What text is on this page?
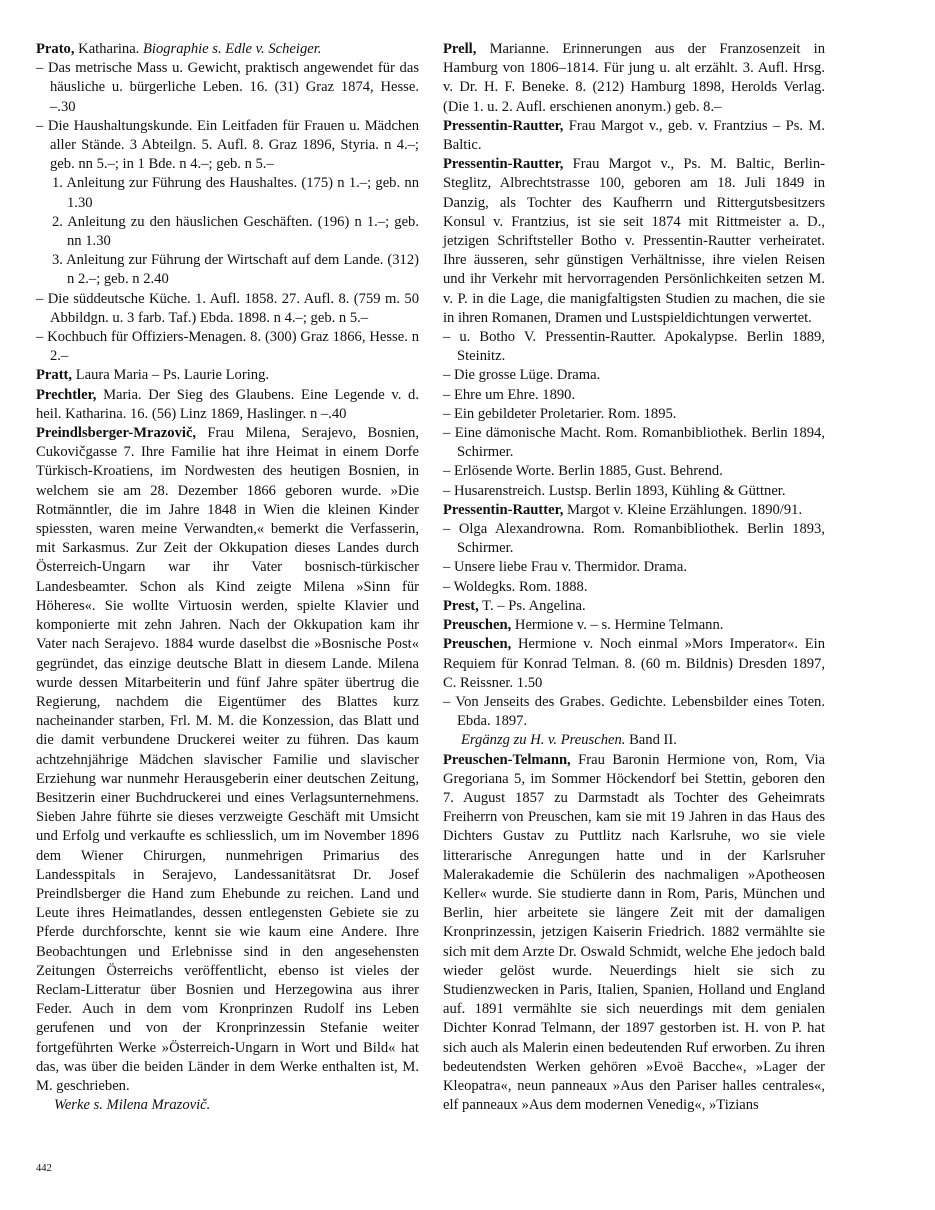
Prato, Katharina. Biographie s. Edle v. Scheiger.

– Das metrische Mass u. Gewicht, praktisch angewendet für das häusliche u. bürgerliche Leben. 16. (31) Graz 1874, Hesse. –.30

– Die Haushaltungskunde. Ein Leitfaden für Frauen u. Mädchen aller Stände. 3 Abteilgn. 5. Aufl. 8. Graz 1896, Styria. n 4.–; geb. nn 5.–; in 1 Bde. n 4.–; geb. n 5.–

1. Anleitung zur Führung des Haushaltes. (175) n 1.–; geb. nn 1.30

2. Anleitung zu den häuslichen Geschäften. (196) n 1.–; geb. nn 1.30

3. Anleitung zur Führung der Wirtschaft auf dem Lande. (312) n 2.–; geb. n 2.40

– Die süddeutsche Küche. 1. Aufl. 1858. 27. Aufl. 8. (759 m. 50 Abbildgn. u. 3 farb. Taf.) Ebda. 1898. n 4.–; geb. n 5.–

– Kochbuch für Offiziers-Menagen. 8. (300) Graz 1866, Hesse. n 2.–

Pratt, Laura Maria – Ps. Laurie Loring.

Prechtler, Maria. Der Sieg des Glaubens. Eine Legende v. d. heil. Katharina. 16. (56) Linz 1869, Haslinger. n –.40

Preindlsberger-Mrazovič, Frau Milena, Serajevo, Bosnien, Cukovičgasse 7. Ihre Familie hat ihre Heimat in einem Dorfe Türkisch-Kroatiens, im Nordwesten des heutigen Bosnien, in welchem sie am 28. Dezember 1866 geboren wurde. »Die Rotmänntler, die im Jahre 1848 in Wien die kleinen Kinder spiessten, waren meine Verwandten,« bemerkt die Verfasserin, mit Sarkasmus. Zur Zeit der Okkupation dieses Landes durch Österreich-Ungarn war ihr Vater bosnisch-türkischer Landesbeamter. Schon als Kind zeigte Milena »Sinn für Höheres«. Sie wollte Virtuosin werden, spielte Klavier und komponierte mit zehn Jahren. Nach der Okkupation kam ihr Vater nach Serajevo. 1884 wurde daselbst die »Bosnische Post« gegründet, das einzige deutsche Blatt in diesem Lande. Milena wurde dessen Mitarbeiterin und fünf Jahre später übertrug die Regierung, nachdem die Eigentümer des Blattes kurz nacheinander starben, Frl. M. M. die Konzession, das Blatt und die damit verbundene Druckerei weiter zu führen. Das kaum achtzehnjährige Mädchen slavischer Familie und slavischer Erziehung war nunmehr Herausgeberin einer deutschen Zeitung, Besitzerin einer Buchdruckerei und eines Verlagsunternehmens. Sieben Jahre führte sie dieses verzweigte Geschäft mit Umsicht und Erfolg und verkaufte es schliesslich, um im November 1896 dem Wiener Chirurgen, nunmehrigen Primarius des Landesspitals in Serajevo, Landessanitätsrat Dr. Josef Preindlsberger die Hand zum Ehebunde zu reichen. Land und Leute ihres Heimatlandes, dessen entlegensten Gebiete sie zu Pferde durchforschte, kennt sie wie kaum eine Andere. Ihre Beobachtungen und Erlebnisse sind in den angesehensten Zeitungen Österreichs veröffentlicht, ebenso ist vieles der Reclam-Litteratur über Bosnien und Herzegowina aus ihrer Feder. Auch in dem vom Kronprinzen Rudolf ins Leben gerufenen und von der Kronprinzessin Stefanie weiter fortgeführten Werke »Österreich-Ungarn in Wort und Bild« hat das, was über die beiden Länder in dem Werke enthalten ist, M. M. geschrieben.

Werke s. Milena Mrazovič.

Prell, Marianne. Erinnerungen aus der Franzosenzeit in Hamburg von 1806–1814. Für jung u. alt erzählt. 3. Aufl. Hrsg. v. Dr. H. F. Beneke. 8. (212) Hamburg 1898, Herolds Verlag. (Die 1. u. 2. Aufl. erschienen anonym.) geb. 8.–

Pressentin-Rautter, Frau Margot v., geb. v. Frantzius – Ps. M. Baltic.

Pressentin-Rautter, Frau Margot v., Ps. M. Baltic, Berlin-Steglitz, Albrechtstrasse 100, geboren am 18. Juli 1849 in Danzig, als Tochter des Kaufherrn und Rittergutsbesitzers Konsul v. Frantzius, ist sie seit 1874 mit Rittmeister a. D., jetzigen Schriftsteller Botho v. Pressentin-Rautter verheiratet. Ihre äusseren, sehr günstigen Verhältnisse, ihre vielen Reisen und ihr Verkehr mit hervorragenden Persönlichkeiten setzen M. v. P. in die Lage, die manigfaltigsten Studien zu machen, die sie in ihren Romanen, Dramen und Lustspieldichtungen verwertet.

– u. Botho V. Pressentin-Rautter. Apokalypse. Berlin 1889, Steinitz.

– Die grosse Lüge. Drama.

– Ehre um Ehre. 1890.

– Ein gebildeter Proletarier. Rom. 1895.

– Eine dämonische Macht. Rom. Romanbibliothek. Berlin 1894, Schirmer.

– Erlösende Worte. Berlin 1885, Gust. Behrend.

– Husarenstreich. Lustsp. Berlin 1893, Kühling & Güttner.

Pressentin-Rautter, Margot v. Kleine Erzählungen. 1890/91.

– Olga Alexandrowna. Rom. Romanbibliothek. Berlin 1893, Schirmer.

– Unsere liebe Frau v. Thermidor. Drama.

– Woldegks. Rom. 1888.

Prest, T. – Ps. Angelina.

Preuschen, Hermione v. – s. Hermine Telmann.

Preuschen, Hermione v. Noch einmal »Mors Imperator«. Ein Requiem für Konrad Telman. 8. (60 m. Bildnis) Dresden 1897, C. Reissner. 1.50

– Von Jenseits des Grabes. Gedichte. Lebensbilder eines Toten. Ebda. 1897.

Ergänzg zu H. v. Preuschen. Band II.

Preuschen-Telmann, Frau Baronin Hermione von, Rom, Via Gregoriana 5, im Sommer Höckendorf bei Stettin, geboren den 7. August 1857 zu Darmstadt als Tochter des Geheimrats Freiherrn von Preuschen, kam sie mit 19 Jahren in das Haus des Dichters Gustav zu Puttlitz nach Karlsruhe, wo sie viele litterarische Anregungen hatte und in der Karlsruher Malerakademie die Schülerin des nachmaligen »Apotheosen Keller« wurde. Sie studierte dann in Rom, Paris, München und Berlin, hier arbeitete sie längere Zeit mit der damaligen Kronprinzessin, jetzigen Kaiserin Friedrich. 1882 vermählte sie sich mit dem Arzte Dr. Oswald Schmidt, welche Ehe jedoch bald wieder gelöst wurde. Neuerdings hielt sie sich zu Studienzwecken in Paris, Italien, Spanien, Holland und England auf. 1891 vermählte sie sich neuerdings mit dem genialen Dichter Konrad Telmann, der 1897 gestorben ist. H. von P. hat sich auch als Malerin einen bedeutenden Ruf erworben. Zu ihren bedeutendsten Werken gehören »Evoë Bacche«, »Lager der Kleopatra«, neun panneaux »Aus den Pariser halles centrales«, elf panneaux »Aus dem modernen Venedig«, »Tizians

442
